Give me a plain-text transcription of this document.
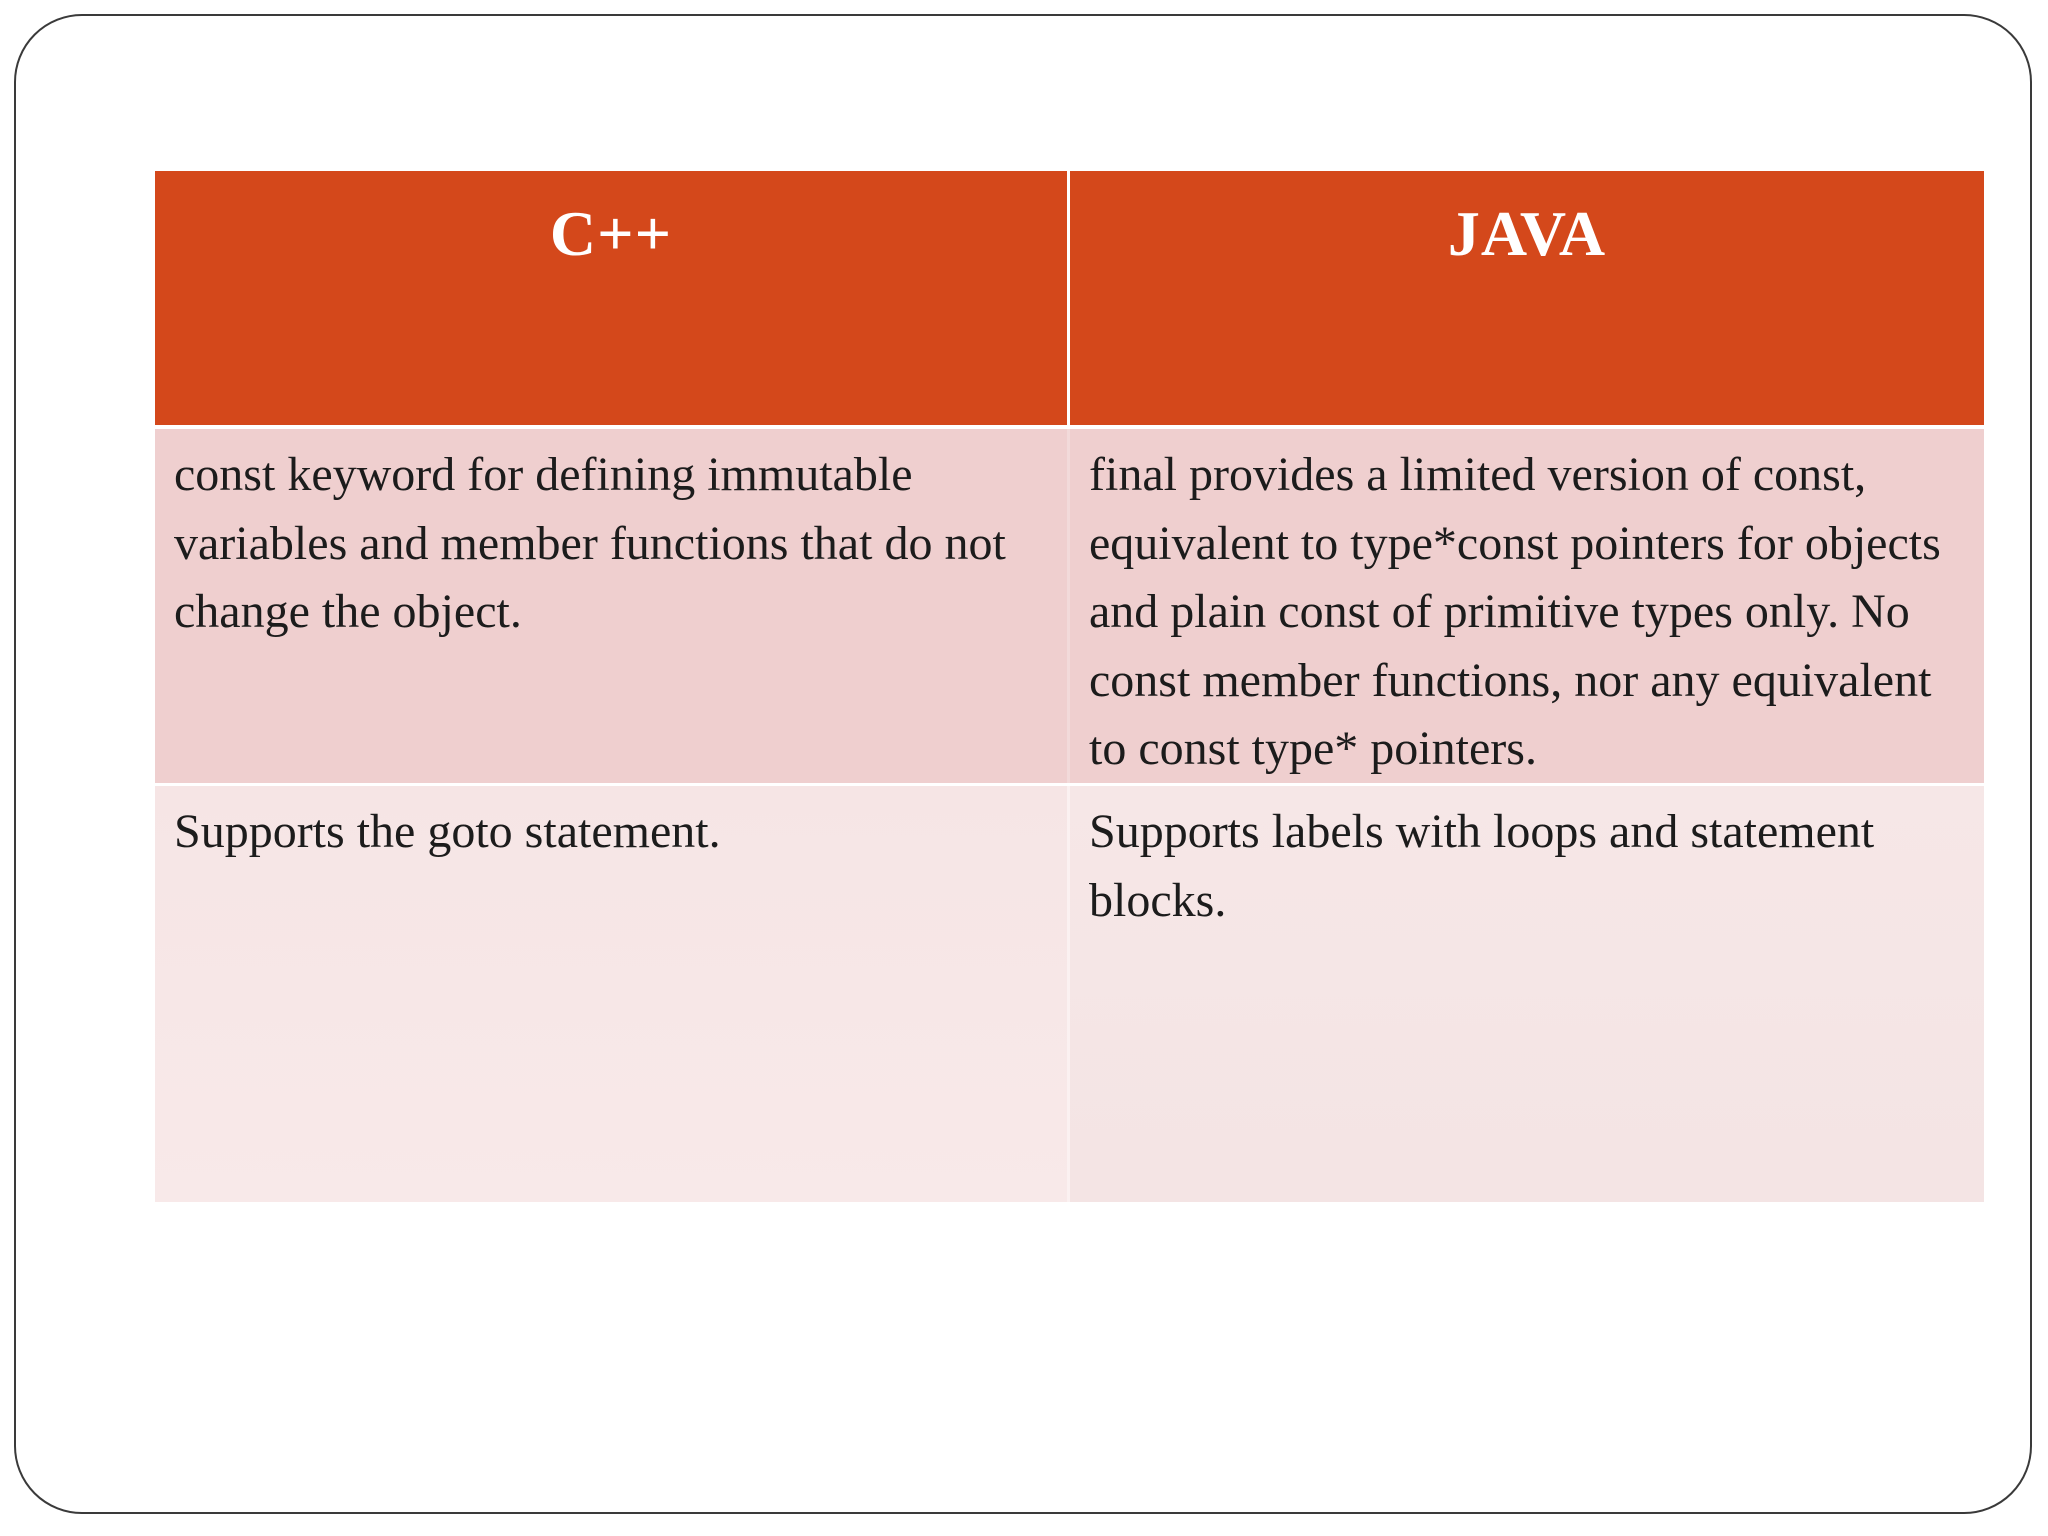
C++	JAVA
const keyword for defining immutable variables and member functions that do not change the object.
final provides a limited version of const, equivalent to type*const pointers for objects and plain const of primitive types only. No const member functions, nor any equivalent to const type* pointers.
Supports the goto statement.	Supports labels with loops and statement blocks.
